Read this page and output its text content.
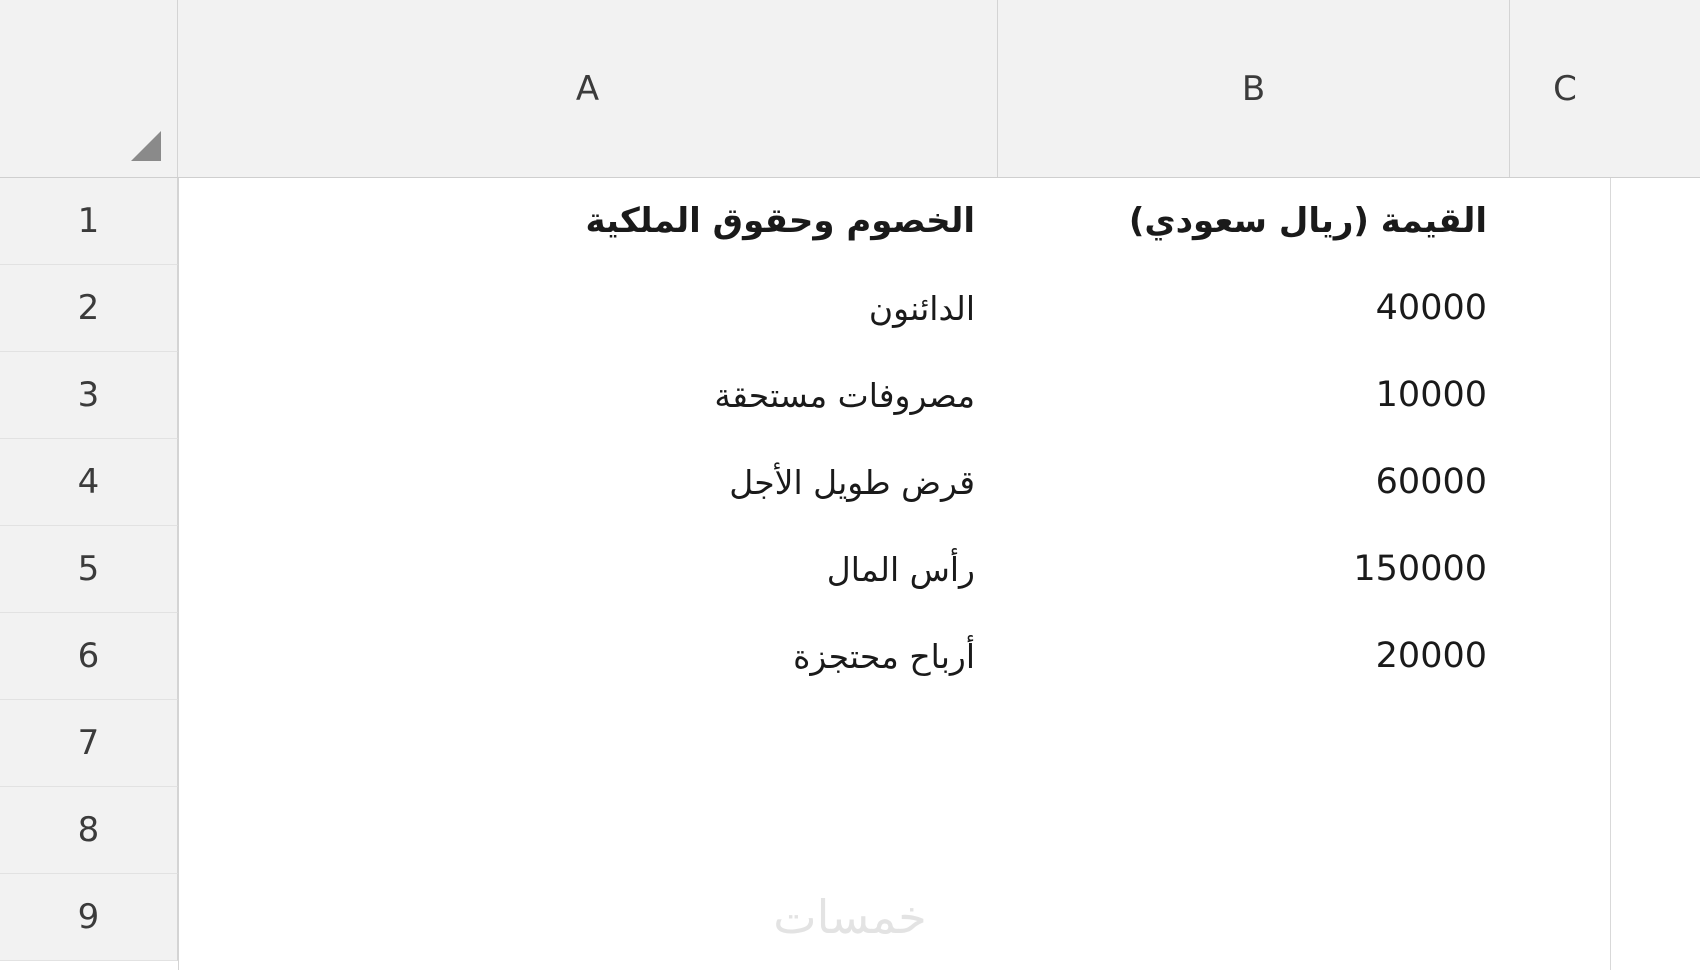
A	B	C
1	الخصوم وحقوق الملكية	القيمة (ريال سعودي)
2	الدائنون	40000
3	مصروفات مستحقة	10000
4	قرض طويل الأجل	60000
5	رأس المال	150000
6	أرباح محتجزة	20000
7
8
9	خمسات
